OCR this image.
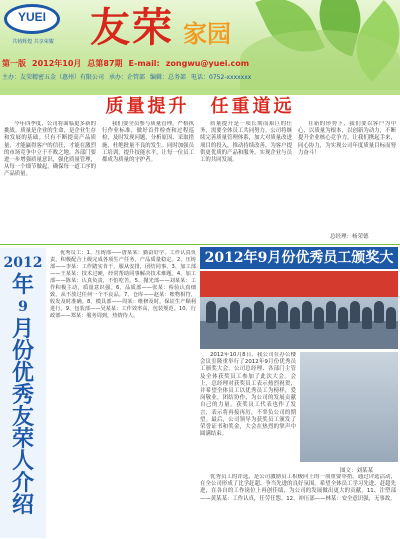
YUEI
共铸辉煌 共享荣耀 友荣 家园
第一版 2012年10月 总第87期 E-mail: zongwu@yuei.com
主办：友荣精密五金（惠州）有限公司 承办：企管部 编辑：总务部 电话：0752-xxxxxxx
质量提升　任重道远

今年四季度，公司将面临更多新的挑战。质量是企业的生命，是企业生存和发展的基础。只有不断提高产品质量，才能赢得客户的信任，才能在激烈的市场竞争中立于不败之地。各部门要进一步增强质量意识，强化质量管理，从每一个细节做起，确保每一道工序的产品质量。

我们要全员参与质量管理，严格执行作业标准，做好首件检查和过程巡检，及时发现问题、分析原因、采取措施，杜绝批量不良的发生。同时加强员工培训，提升技能水平，让每一位员工都成为质量的守护者。

质量提升是一项长期而艰巨的任务，需要全体员工共同努力。公司将继续完善质量管理体系，加大对质量改进项目的投入，推动持续改善，为客户提供更优质的产品和服务，实现企业与员工的共同发展。

在新的形势下，我们要以客户为中心，以质量为根本，以创新为动力，不断提升企业核心竞争力。让我们携起手来，同心协力，为实现公司年度质量目标而努力奋斗！

总经理：杨荣德
2012
年
9
月
份
优
秀
友
荣
人
介
绍

优秀员工：1、压铸部——唐某某：勤奋好学，工作认真负责，积极配合上级完成各项生产任务，产品质量稳定。2、压铸部——李某：工作踏实肯干，服从安排，团结同事。3、加工部——王某某：技术过硬，经常帮助同事解决技术难题。4、加工部——陈某：认真负责，不怕吃苦。5、抛光部——刘某某：工作积极主动，质量意识强。6、品质部——张某：检验认真细致，从不放过任何一个不良品。7、仓库——赵某：账物相符，收发及时准确。8、模具部——周某：维修及时，保证生产顺利进行。9、包装部——吴某某：工作效率高，包装规范。10、行政部——郑某：服务周到，热情待人。

2012年9月份优秀员工颁奖大

2012年10月8日，我公司在办公楼会议室隆重举行了2012年9月份优秀员工颁奖大会。公司总经理、各部门主管及全体获奖员工参加了此次大会。会上，总经理对获奖员工表示热烈祝贺，并希望全体员工以优秀员工为榜样，爱岗敬业，团结协作，为公司的发展贡献自己的力量。获奖员工代表也作了发言，表示将再接再厉，不辜负公司的期望。最后，公司领导为获奖员工颁发了荣誉证书和奖金，大会在热烈的掌声中圆满结束。

图文：刘某某

优秀员工的评选，是公司激励员工积极向上的一项重要举措。通过评选活动，在全公司形成了比学赶超、争当先进的良好氛围。希望全体员工学习先进、赶超先进，在各自的工作岗位上再创佳绩，为公司的发展做出更大的贡献。11、注塑部——黄某某：工作认真，任劳任怨。12、冲压部——林某：安全意识强，无事故。
